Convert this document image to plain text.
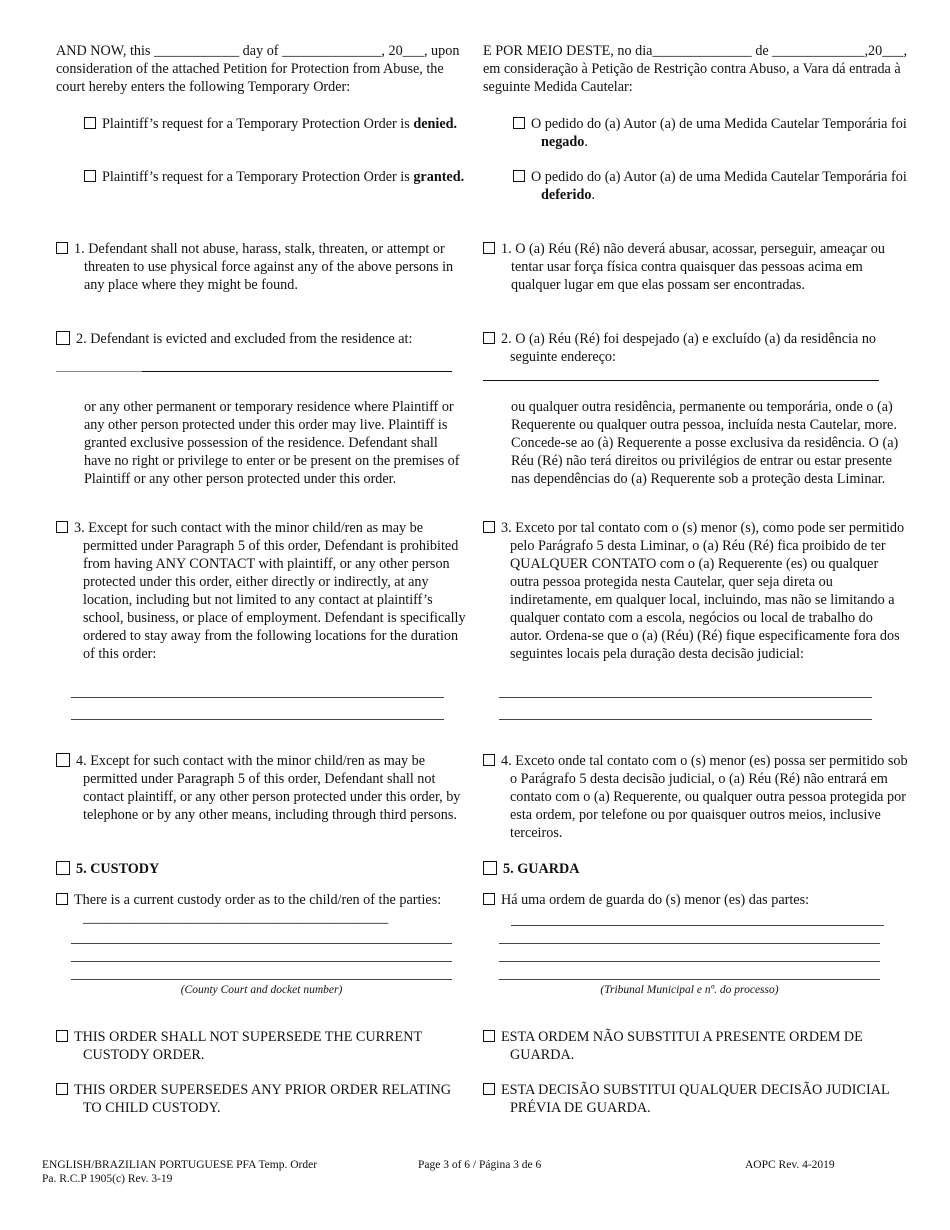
AND NOW, this ____________ day of ______________, 20___, upon consideration of the attached Petition for Protection from Abuse, the court hereby enters the following Temporary Order:

Plaintiff’s request for a Temporary Protection Order is denied.

Plaintiff’s request for a Temporary Protection Order is granted.

1. Defendant shall not abuse, harass, stalk, threaten, or attempt or threaten to use physical force against any of the above persons in any place where they might be found.

2. Defendant is evicted and excluded from the residence at:

or any other permanent or temporary residence where Plaintiff or any other person protected under this order may live. Plaintiff is granted exclusive possession of the residence. Defendant shall have no right or privilege to enter or be present on the premises of Plaintiff or any other person protected under this order.

3. Except for such contact with the minor child/ren as may be permitted under Paragraph 5 of this order, Defendant is prohibited from having ANY CONTACT with plaintiff, or any other person protected under this order, either directly or indirectly, at any location, including but not limited to any contact at plaintiff’s school, business, or place of employment. Defendant is specifically ordered to stay away from the following locations for the duration of this order:

4. Except for such contact with the minor child/ren as may be permitted under Paragraph 5 of this order, Defendant shall not contact plaintiff, or any other person protected under this order, by telephone or by any other means, including through third persons.

5. CUSTODY

There is a current custody order as to the child/ren of the parties: ___________________________________________

(County Court and docket number)

THIS ORDER SHALL NOT SUPERSEDE THE CURRENT CUSTODY ORDER.

THIS ORDER SUPERSEDES ANY PRIOR ORDER RELATING TO CHILD CUSTODY.

E POR MEIO DESTE, no dia______________ de _____________,20___, em consideração à Petição de Restrição contra Abuso, a Vara dá entrada à seguinte Medida Cautelar:

O pedido do (a) Autor (a) de uma Medida Cautelar Temporária foi negado.

O pedido do (a) Autor (a) de uma Medida Cautelar Temporária foi deferido.

1. O (a) Réu (Ré) não deverá abusar, acossar, perseguir, ameaçar ou tentar usar força física contra quaisquer das pessoas acima em qualquer lugar em que elas possam ser encontradas.

2. O (a) Réu (Ré) foi despejado (a) e excluído (a) da residência no seguinte endereço:

ou qualquer outra residência, permanente ou temporária, onde o (a) Requerente ou qualquer outra pessoa, incluída nesta Cautelar, more. Concede-se ao (à) Requerente a posse exclusiva da residência. O (a) Réu (Ré) não terá direitos ou privilégios de entrar ou estar presente nas dependências do (a) Requerente sob a proteção desta Liminar.

3. Exceto por tal contato com o (s) menor (s), como pode ser permitido pelo Parágrafo 5 desta Liminar, o (a) Réu (Ré) fica proibido de ter QUALQUER CONTATO com o (a) Requerente (es) ou qualquer outra pessoa protegida nesta Cautelar, quer seja direta ou indiretamente, em qualquer local, incluindo, mas não se limitando a qualquer contato com a escola, negócios ou local de trabalho do autor. Ordena-se que o (a) (Réu) (Ré) fique especificamente fora dos seguintes locais pela duração desta decisão judicial:

4. Exceto onde tal contato com o (s) menor (es) possa ser permitido sob o Parágrafo 5 desta decisão judicial, o (a) Réu (Ré) não entrará em contato com o (a) Requerente, ou qualquer outra pessoa protegida por esta ordem, por telefone ou por quaisquer outros meios, inclusive terceiros.

5. GUARDA

Há uma ordem de guarda do (s) menor (es) das partes:

(Tribunal Municipal e nº. do processo)

ESTA ORDEM NÃO SUBSTITUI A PRESENTE ORDEM DE GUARDA.

ESTA DECISÃO SUBSTITUI QUALQUER DECISÃO JUDICIAL PRÉVIA DE GUARDA.

ENGLISH/BRAZILIAN PORTUGUESE PFA Temp. Order
Pa. R.C.P 1905(c) Rev. 3-19
Page 3 of 6 / Página 3 de 6	AOPC Rev. 4-2019
